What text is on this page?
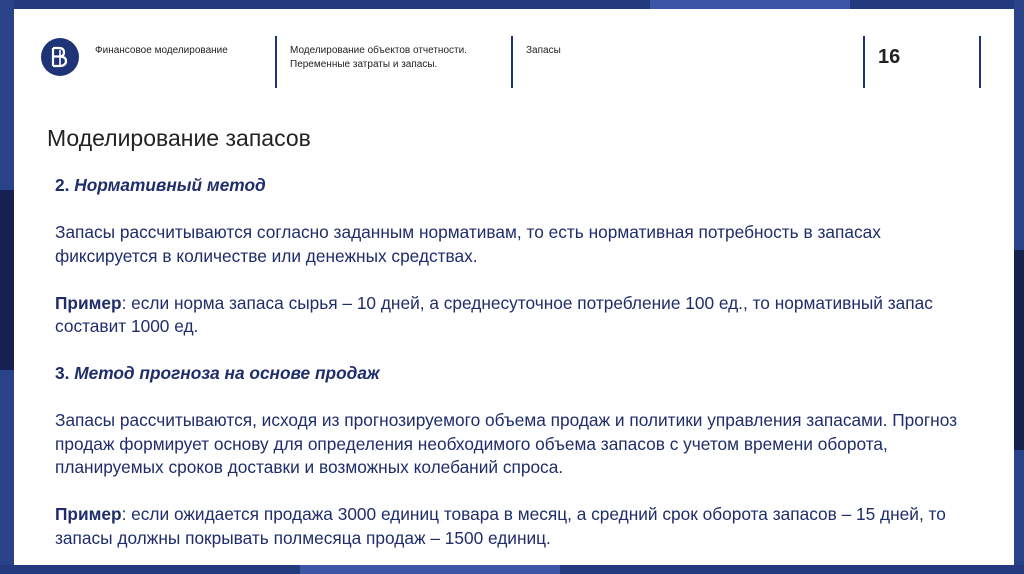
Финансовое моделирование	Моделирование объектов отчетности. Переменные затраты и запасы.
Запасы	16
Моделирование запасов

2. Нормативный метод

Запасы рассчитываются согласно заданным нормативам, то есть нормативная потребность в запасах фиксируется в количестве или денежных средствах.

Пример: если норма запаса сырья – 10 дней, а среднесуточное потребление 100 ед., то нормативный запас составит 1000 ед.

3. Метод прогноза на основе продаж

Запасы рассчитываются, исходя из прогнозируемого объема продаж и политики управления запасами. Прогноз продаж формирует основу для определения необходимого объема запасов с учетом времени оборота, планируемых сроков доставки и возможных колебаний спроса.

Пример: если ожидается продажа 3000 единиц товара в месяц, а средний срок оборота запасов – 15 дней, то запасы должны покрывать полмесяца продаж – 1500 единиц.
